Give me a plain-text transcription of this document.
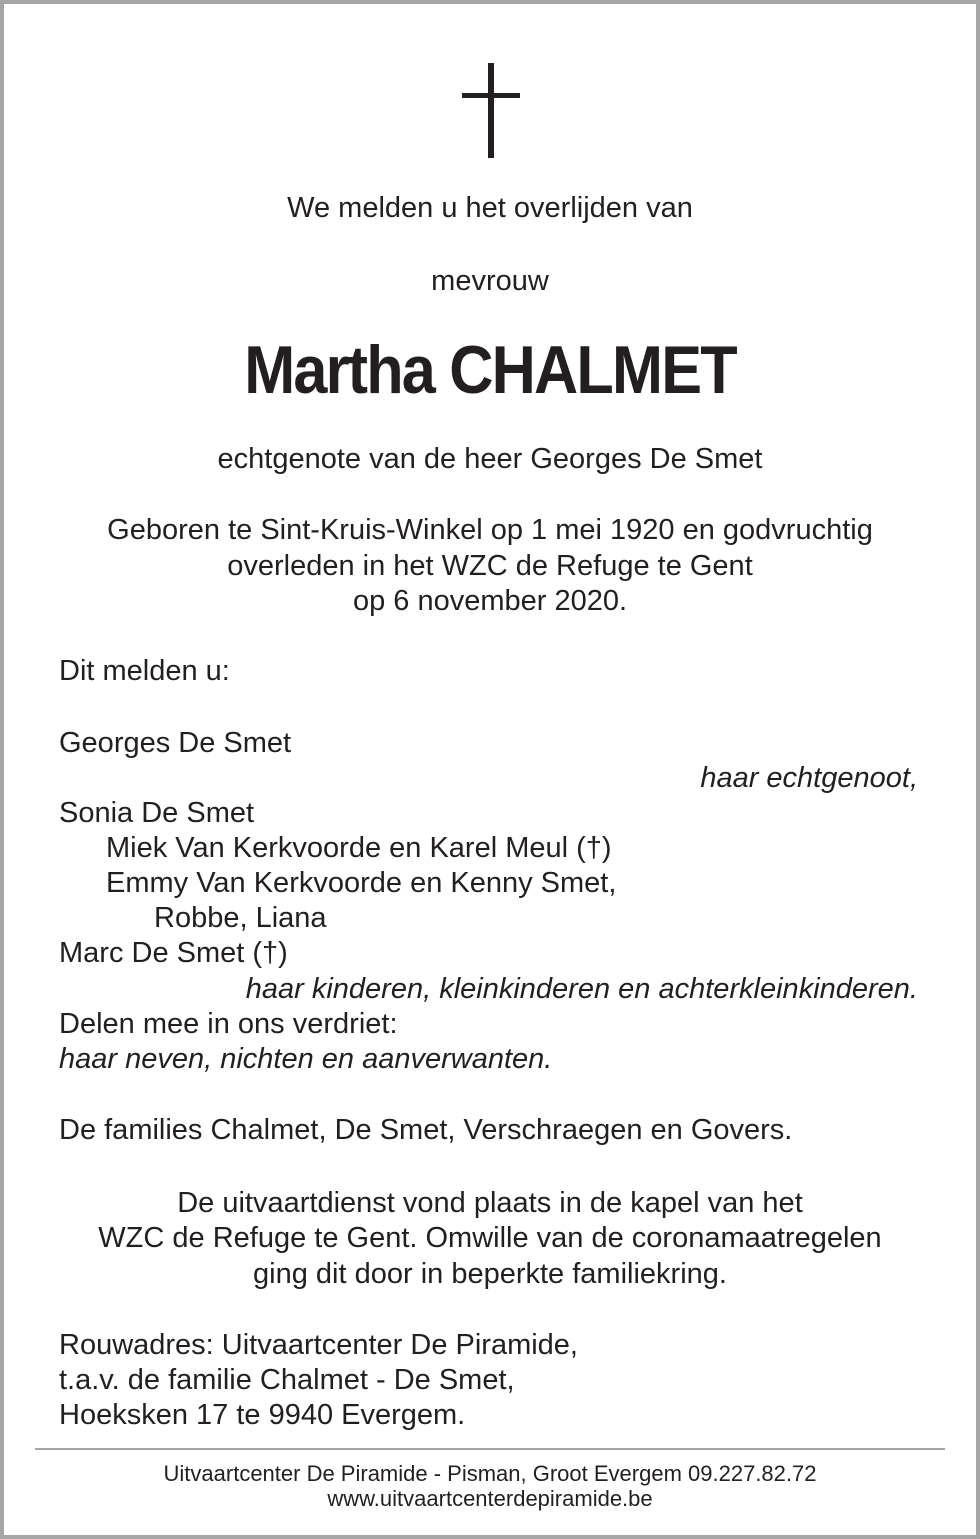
We melden u het overlijden van
mevrouw
Martha CHALMET
echtgenote van de heer Georges De Smet
Geboren te Sint-Kruis-Winkel op 1 mei 1920 en godvruchtig
overleden in het WZC de Refuge te Gent
op 6 november 2020.
Dit melden u:
Georges De Smet
haar echtgenoot,
Sonia De Smet
Miek Van Kerkvoorde en Karel Meul (†)
Emmy Van Kerkvoorde en Kenny Smet,
Robbe, Liana
Marc De Smet (†)
haar kinderen, kleinkinderen en achterkleinkinderen.
Delen mee in ons verdriet:
haar neven, nichten en aanverwanten.
De families Chalmet, De Smet, Verschraegen en Govers.
De uitvaartdienst vond plaats in de kapel van het
WZC de Refuge te Gent. Omwille van de coronamaatregelen
ging dit door in beperkte familiekring.
Rouwadres: Uitvaartcenter De Piramide,
t.a.v. de familie Chalmet - De Smet,
Hoeksken 17 te 9940 Evergem.
Uitvaartcenter De Piramide - Pisman, Groot Evergem 09.227.82.72
www.uitvaartcenterdepiramide.be
